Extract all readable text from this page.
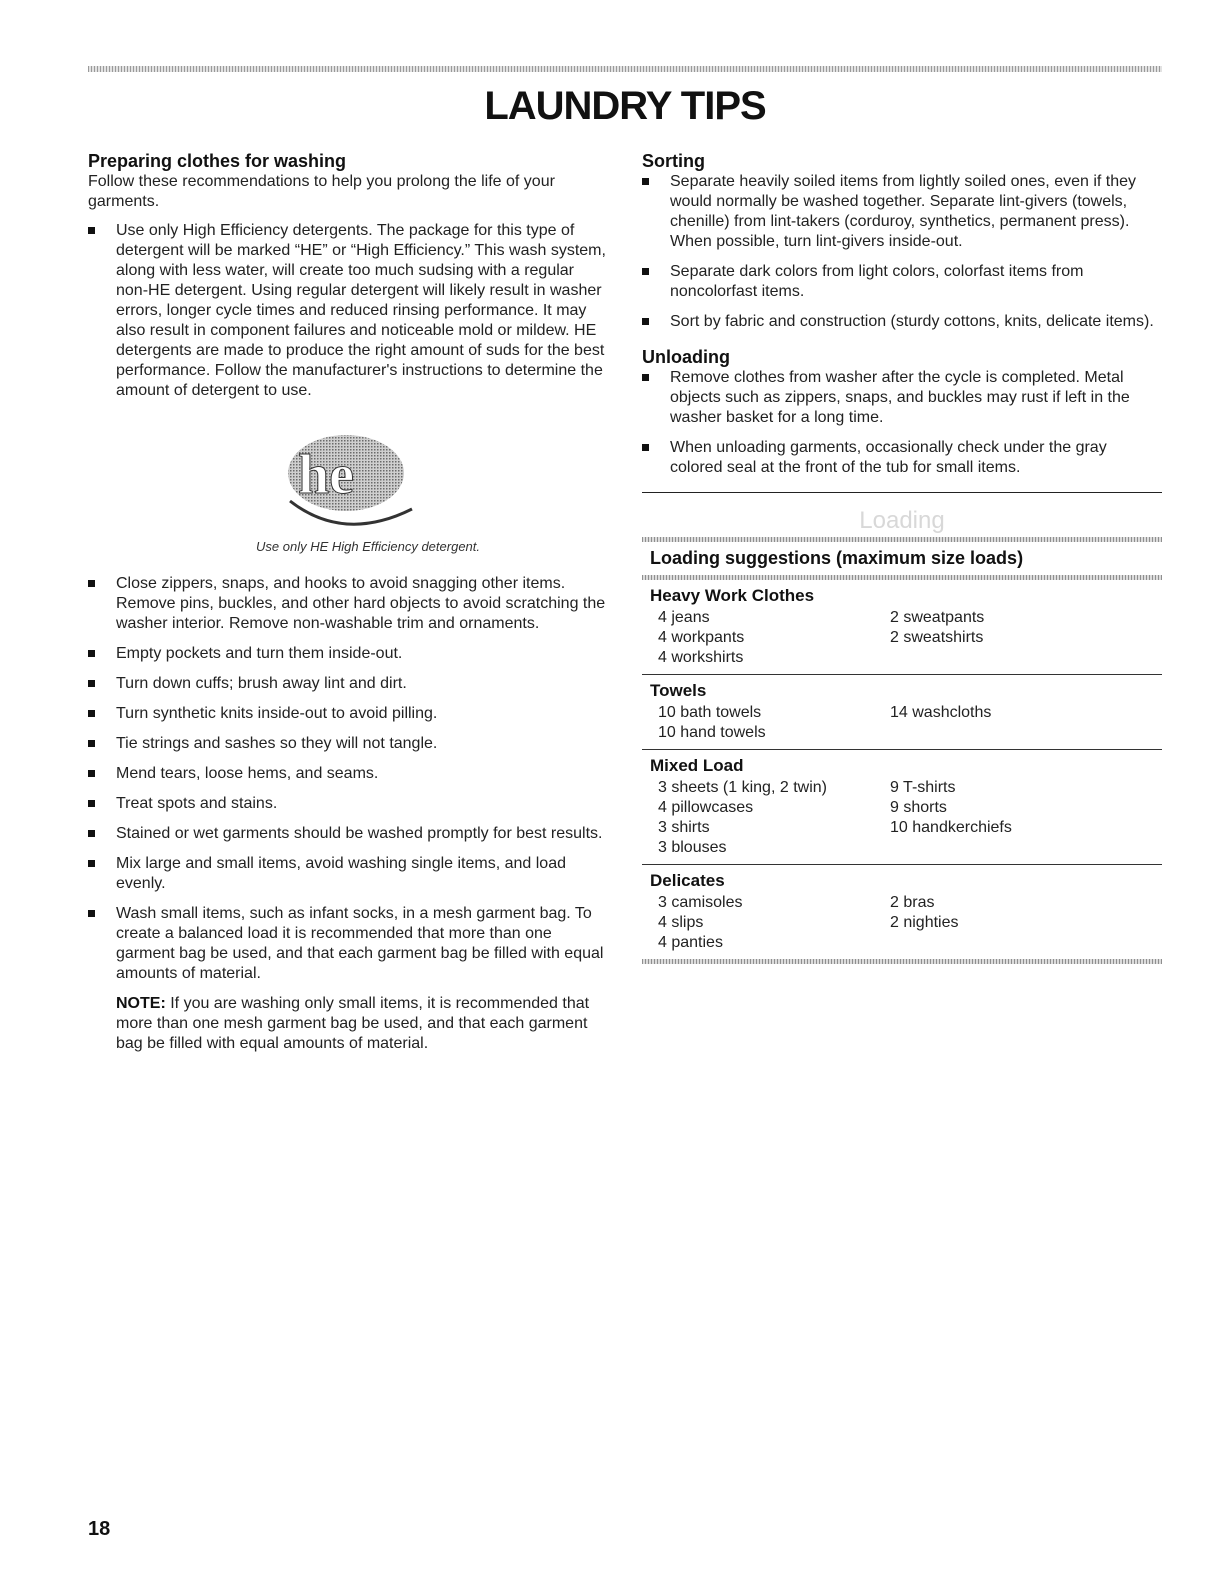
LAUNDRY TIPS
Preparing clothes for washing

Follow these recommendations to help you prolong the life of your garments.

Use only High Efficiency detergents. The package for this type of detergent will be marked “HE” or “High Efficiency.” This wash system, along with less water, will create too much sudsing with a regular non-HE detergent. Using regular detergent will likely result in washer errors, longer cycle times and reduced rinsing performance. It may also result in component failures and noticeable mold or mildew. HE detergents are made to produce the right amount of suds for the best performance. Follow the manufacturer's instructions to determine the amount of detergent to use.
he
Use only HE High Efficiency detergent.
Close zippers, snaps, and hooks to avoid snagging other items. Remove pins, buckles, and other hard objects to avoid scratching the washer interior. Remove non-washable trim and ornaments.
Empty pockets and turn them inside-out.
Turn down cuffs; brush away lint and dirt.
Turn synthetic knits inside-out to avoid pilling.
Tie strings and sashes so they will not tangle.
Mend tears, loose hems, and seams.
Treat spots and stains.
Stained or wet garments should be washed promptly for best results.
Mix large and small items, avoid washing single items, and load evenly.
Wash small items, such as infant socks, in a mesh garment bag. To create a balanced load it is recommended that more than one garment bag be used, and that each garment bag be filled with equal amounts of material.
NOTE: If you are washing only small items, it is recommended that more than one mesh garment bag be used, and that each garment bag be filled with equal amounts of material.
Sorting
Separate heavily soiled items from lightly soiled ones, even if they would normally be washed together. Separate lint-givers (towels, chenille) from lint-takers (corduroy, synthetics, permanent press). When possible, turn lint-givers inside-out.
Separate dark colors from light colors, colorfast items from noncolorfast items.
Sort by fabric and construction (sturdy cottons, knits, delicate items).
Unloading
Remove clothes from washer after the cycle is completed. Metal objects such as zippers, snaps, and buckles may rust if left in the washer basket for a long time.
When unloading garments, occasionally check under the gray colored seal at the front of the tub for small items.
Loading
Loading suggestions (maximum size loads)
Heavy Work Clothes
4 jeans
4 workpants
4 workshirts
2 sweatpants
2 sweatshirts
Towels
10 bath towels
10 hand towels
14 washcloths
Mixed Load
3 sheets (1 king, 2 twin)
4 pillowcases
3 shirts
3 blouses
9 T-shirts
9 shorts
10 handkerchiefs
Delicates
3 camisoles
4 slips
4 panties
2 bras
2 nighties
18
